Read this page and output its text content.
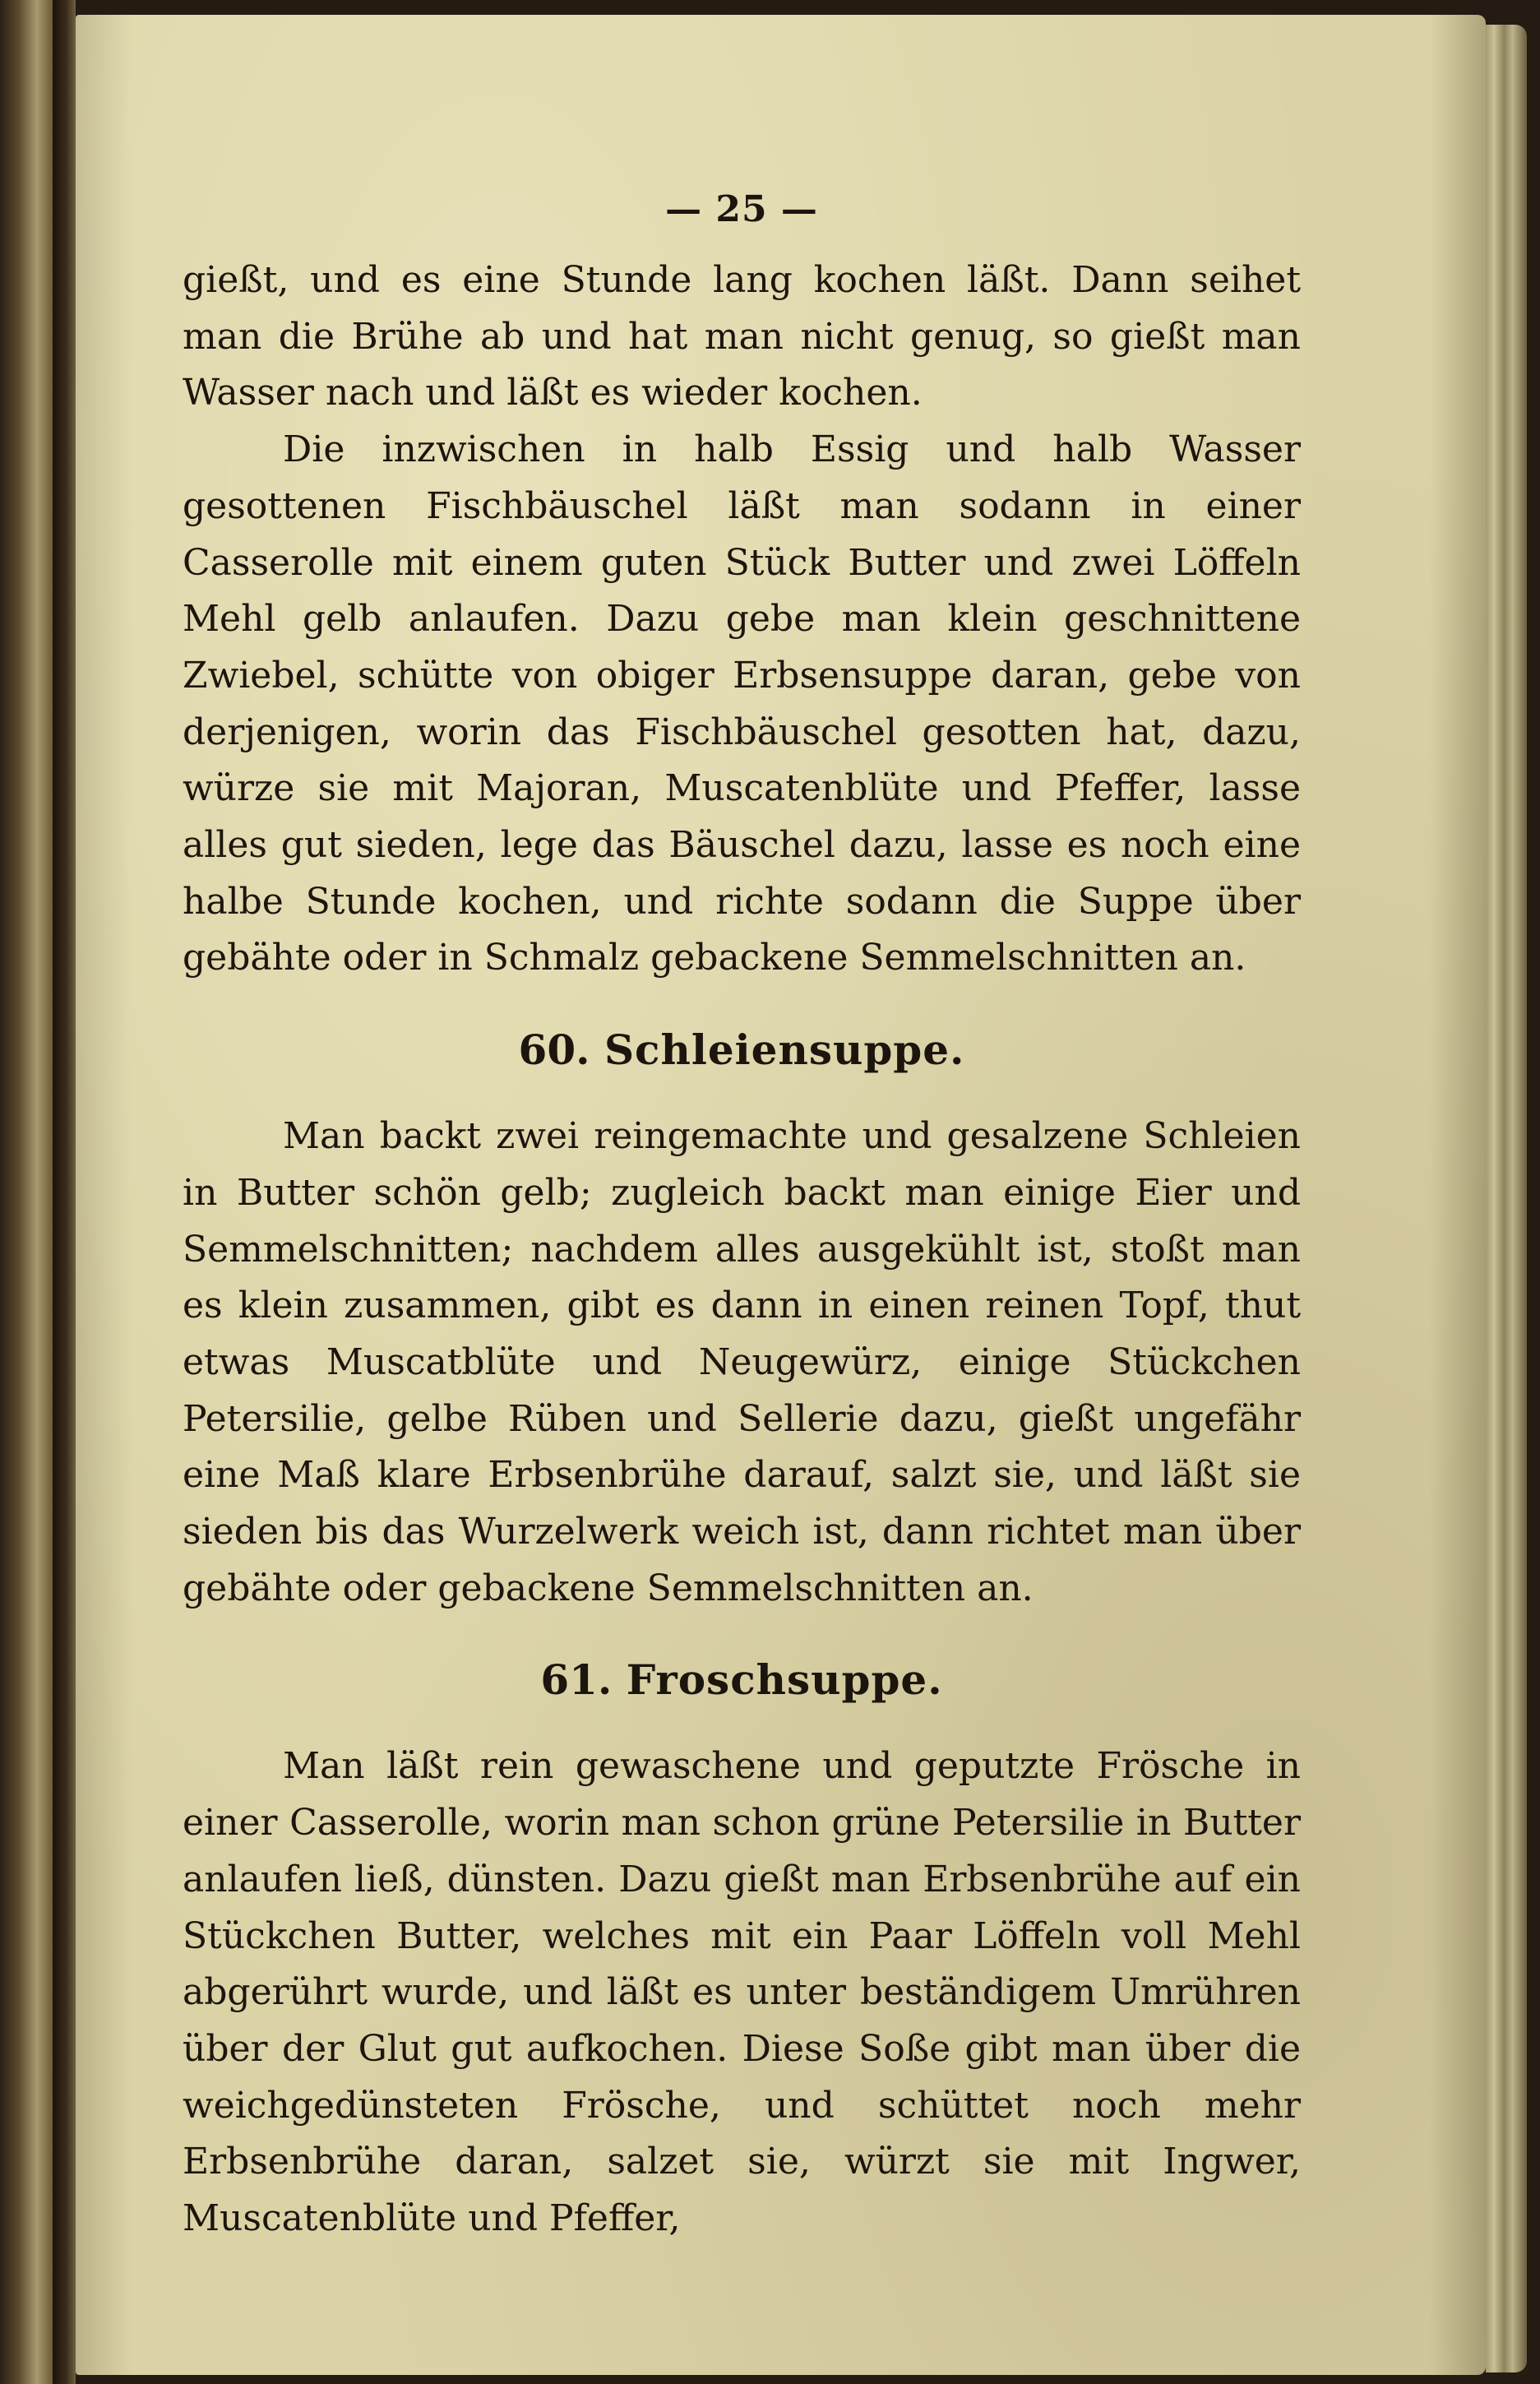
— 25 —

gießt, und es eine Stunde lang kochen läßt. Dann seihet man die Brühe ab und hat man nicht genug, so gießt man Wasser nach und läßt es wieder kochen.

Die inzwischen in halb Essig und halb Wasser gesottenen Fischbäuschel läßt man sodann in einer Casserolle mit einem guten Stück Butter und zwei Löffeln Mehl gelb anlaufen. Dazu gebe man klein geschnittene Zwiebel, schütte von obiger Erbsensuppe daran, gebe von derjenigen, worin das Fischbäuschel gesotten hat, dazu, würze sie mit Majoran, Muscatenblüte und Pfeffer, lasse alles gut sieden, lege das Bäuschel dazu, lasse es noch eine halbe Stunde kochen, und richte sodann die Suppe über gebähte oder in Schmalz gebackene Semmelschnitten an.

60. Schleiensuppe.

Man backt zwei reingemachte und gesalzene Schleien in Butter schön gelb; zugleich backt man einige Eier und Semmelschnitten; nachdem alles ausgekühlt ist, stoßt man es klein zusammen, gibt es dann in einen reinen Topf, thut etwas Muscatblüte und Neugewürz, einige Stückchen Petersilie, gelbe Rüben und Sellerie dazu, gießt ungefähr eine Maß klare Erbsenbrühe darauf, salzt sie, und läßt sie sieden bis das Wurzelwerk weich ist, dann richtet man über gebähte oder gebackene Semmelschnitten an.

61. Froschsuppe.

Man läßt rein gewaschene und geputzte Frösche in einer Casserolle, worin man schon grüne Petersilie in Butter anlaufen ließ, dünsten. Dazu gießt man Erbsenbrühe auf ein Stückchen Butter, welches mit ein Paar Löffeln voll Mehl abgerührt wurde, und läßt es unter beständigem Umrühren über der Glut gut aufkochen. Diese Soße gibt man über die weichgedünsteten Frösche, und schüttet noch mehr Erbsenbrühe daran, salzet sie, würzt sie mit Ingwer, Muscatenblüte und Pfeffer,
